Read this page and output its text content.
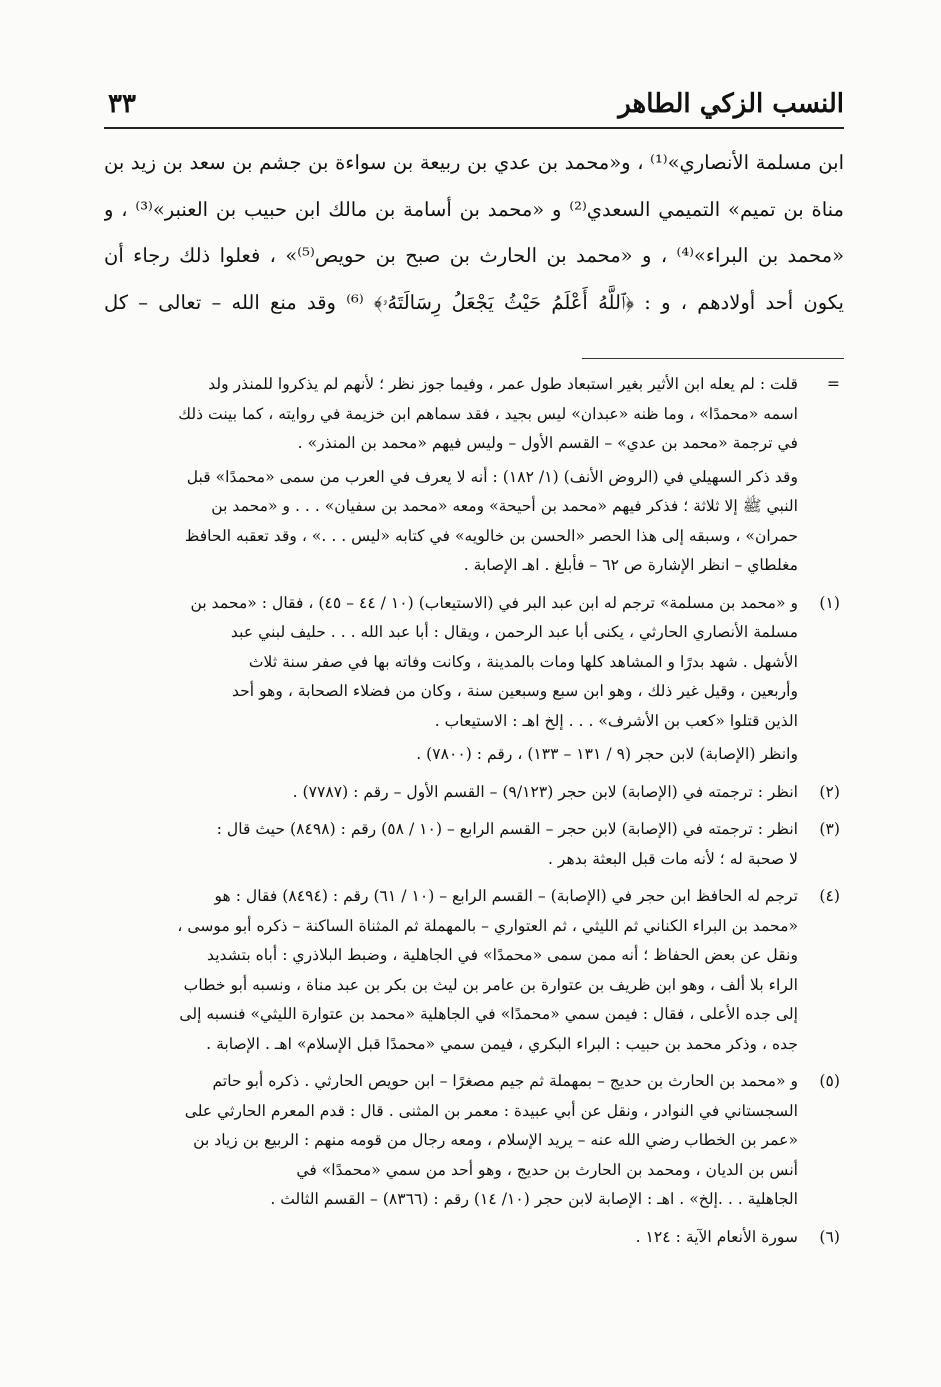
النسب الزكي الطاهر
٣٣
ابن مسلمة الأنصاري»⁽¹⁾ ، و«محمد بن عدي بن ربيعة بن سواءة بن جشم بن سعد بن زيد بن
مناة بن تميم» التميمي السعدي⁽²⁾ و «محمد بن أسامة بن مالك ابن حبيب بن العنبر»⁽³⁾ ، و
«محمد بن البراء»⁽⁴⁾ ، و «محمد بن الحارث بن صبح بن حويص⁽⁵⁾» ، فعلوا ذلك رجاء أن
يكون أحد أولادهم ، و : ﴿ٱللَّهُ أَعْلَمُ حَيْثُ يَجْعَلُ رِسَالَتَهُۥ﴾ ⁽⁶⁾ وقد منع الله – تعالى – كل
=
قلت : لم يعله ابن الأثير بغير استبعاد طول عمر ، وفيما جوز نظر ؛ لأنهم لم يذكروا للمنذر ولد
اسمه «محمدًا» ، وما ظنه «عبدان» ليس بجيد ، فقد سماهم ابن خزيمة في روايته ، كما بينت ذلك
في ترجمة «محمد بن عدي» – القسم الأول – وليس فيهم «محمد بن المنذر» .
وقد ذكر السهيلي في (الروض الأنف) (١/ ١٨٢) : أنه لا يعرف في العرب من سمى «محمدًا» قبل
النبي ﷺ إلا ثلاثة ؛ فذكر فيهم «محمد بن أحيحة» ومعه «محمد بن سفيان» . . . و «محمد بن
حمران» ، وسبقه إلى هذا الحصر «الحسن بن خالويه» في كتابه «ليس . . .» ، وقد تعقبه الحافظ
مغلطاي – انظر الإشارة ص ٦٢ – فأبلغ . اهـ الإصابة .
(١)
و «محمد بن مسلمة» ترجم له ابن عبد البر في (الاستيعاب) (١٠ / ٤٤ – ٤٥) ، فقال : «محمد بن
مسلمة الأنصاري الحارثي ، يكنى أبا عبد الرحمن ، ويقال : أبا عبد الله . . . حليف لبني عبد
الأشهل . شهد بدرًا و المشاهد كلها ومات بالمدينة ، وكانت وفاته بها في صفر سنة ثلاث
وأربعين ، وقيل غير ذلك ، وهو ابن سبع وسبعين سنة ، وكان من فضلاء الصحابة ، وهو أحد
الذين قتلوا «كعب بن الأشرف» . . . إلخ اهـ : الاستيعاب .
وانظر (الإصابة) لابن حجر (٩ / ١٣١ – ١٣٣) ، رقم : (٧٨٠٠) .
(٢)
انظر : ترجمته في (الإصابة) لابن حجر (٩/١٢٣) – القسم الأول – رقم : (٧٧٨٧) .
(٣)
انظر : ترجمته في (الإصابة) لابن حجر – القسم الرابع – (١٠ / ٥٨) رقم : (٨٤٩٨) حيث قال :
لا صحبة له ؛ لأنه مات قبل البعثة بدهر .
(٤)
ترجم له الحافظ ابن حجر في (الإصابة) – القسم الرابع – (١٠ / ٦١) رقم : (٨٤٩٤) فقال : هو
«محمد بن البراء الكناني ثم الليثي ، ثم العتواري – بالمهملة ثم المثناة الساكنة – ذكره أبو موسى ،
ونقل عن بعض الحفاظ ؛ أنه ممن سمى «محمدًا» في الجاهلية ، وضبط البلاذري : أباه بتشديد
الراء بلا ألف ، وهو ابن ظريف بن عتوارة بن عامر بن ليث بن بكر بن عبد مناة ، ونسبه أبو خطاب
إلى جده الأعلى ، فقال : فيمن سمي «محمدًا» في الجاهلية «محمد بن عتوارة الليثي» فنسبه إلى
جده ، وذكر محمد بن حبيب : البراء البكري ، فيمن سمي «محمدًا قبل الإسلام» اهـ . الإصابة .
(٥)
و «محمد بن الحارث بن حديج – بمهملة ثم جيم مصغرًا – ابن حويص الحارثي . ذكره أبو حاتم
السجستاني في النوادر ، ونقل عن أبي عبيدة : معمر بن المثنى . قال : قدم المعرم الحارثي على
«عمر بن الخطاب رضي الله عنه – يريد الإسلام ، ومعه رجال من قومه منهم : الربيع بن زياد بن
أنس بن الديان ، ومحمد بن الحارث بن حديج ، وهو أحد من سمي «محمدًا» في
الجاهلية . . .إلخ» . اهـ : الإصابة لابن حجر (١٠/ ١٤) رقم : (٨٣٦٦) – القسم الثالث .
(٦)
سورة الأنعام الآية : ١٢٤ .
